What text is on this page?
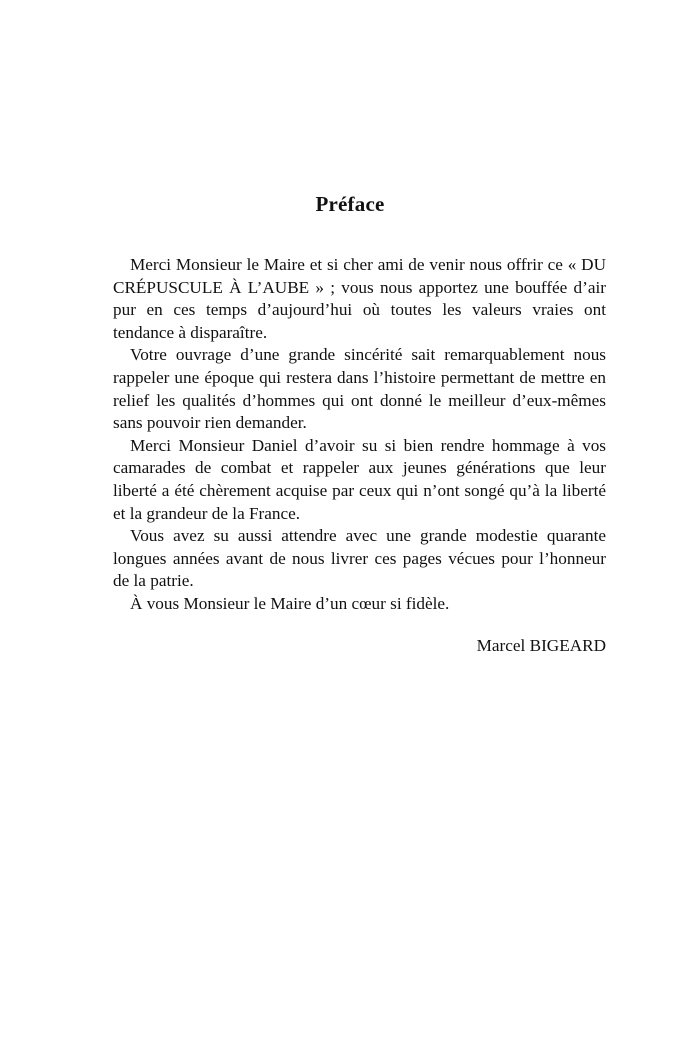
Préface

Merci Monsieur le Maire et si cher ami de venir nous offrir ce « DU CRÉPUSCULE À L’AUBE » ; vous nous apportez une bouffée d’air pur en ces temps d’aujourd’hui où toutes les valeurs vraies ont tendance à disparaître.

Votre ouvrage d’une grande sincérité sait remarquablement nous rappeler une époque qui restera dans l’histoire permettant de mettre en relief les qualités d’hommes qui ont donné le meilleur d’eux-mêmes sans pouvoir rien demander.

Merci Monsieur Daniel d’avoir su si bien rendre hommage à vos camarades de combat et rappeler aux jeunes générations que leur liberté a été chèrement acquise par ceux qui n’ont songé qu’à la liberté et la grandeur de la France.

Vous avez su aussi attendre avec une grande modestie quarante longues années avant de nous livrer ces pages vécues pour l’honneur de la patrie.

À vous Monsieur le Maire d’un cœur si fidèle.

Marcel BIGEARD
